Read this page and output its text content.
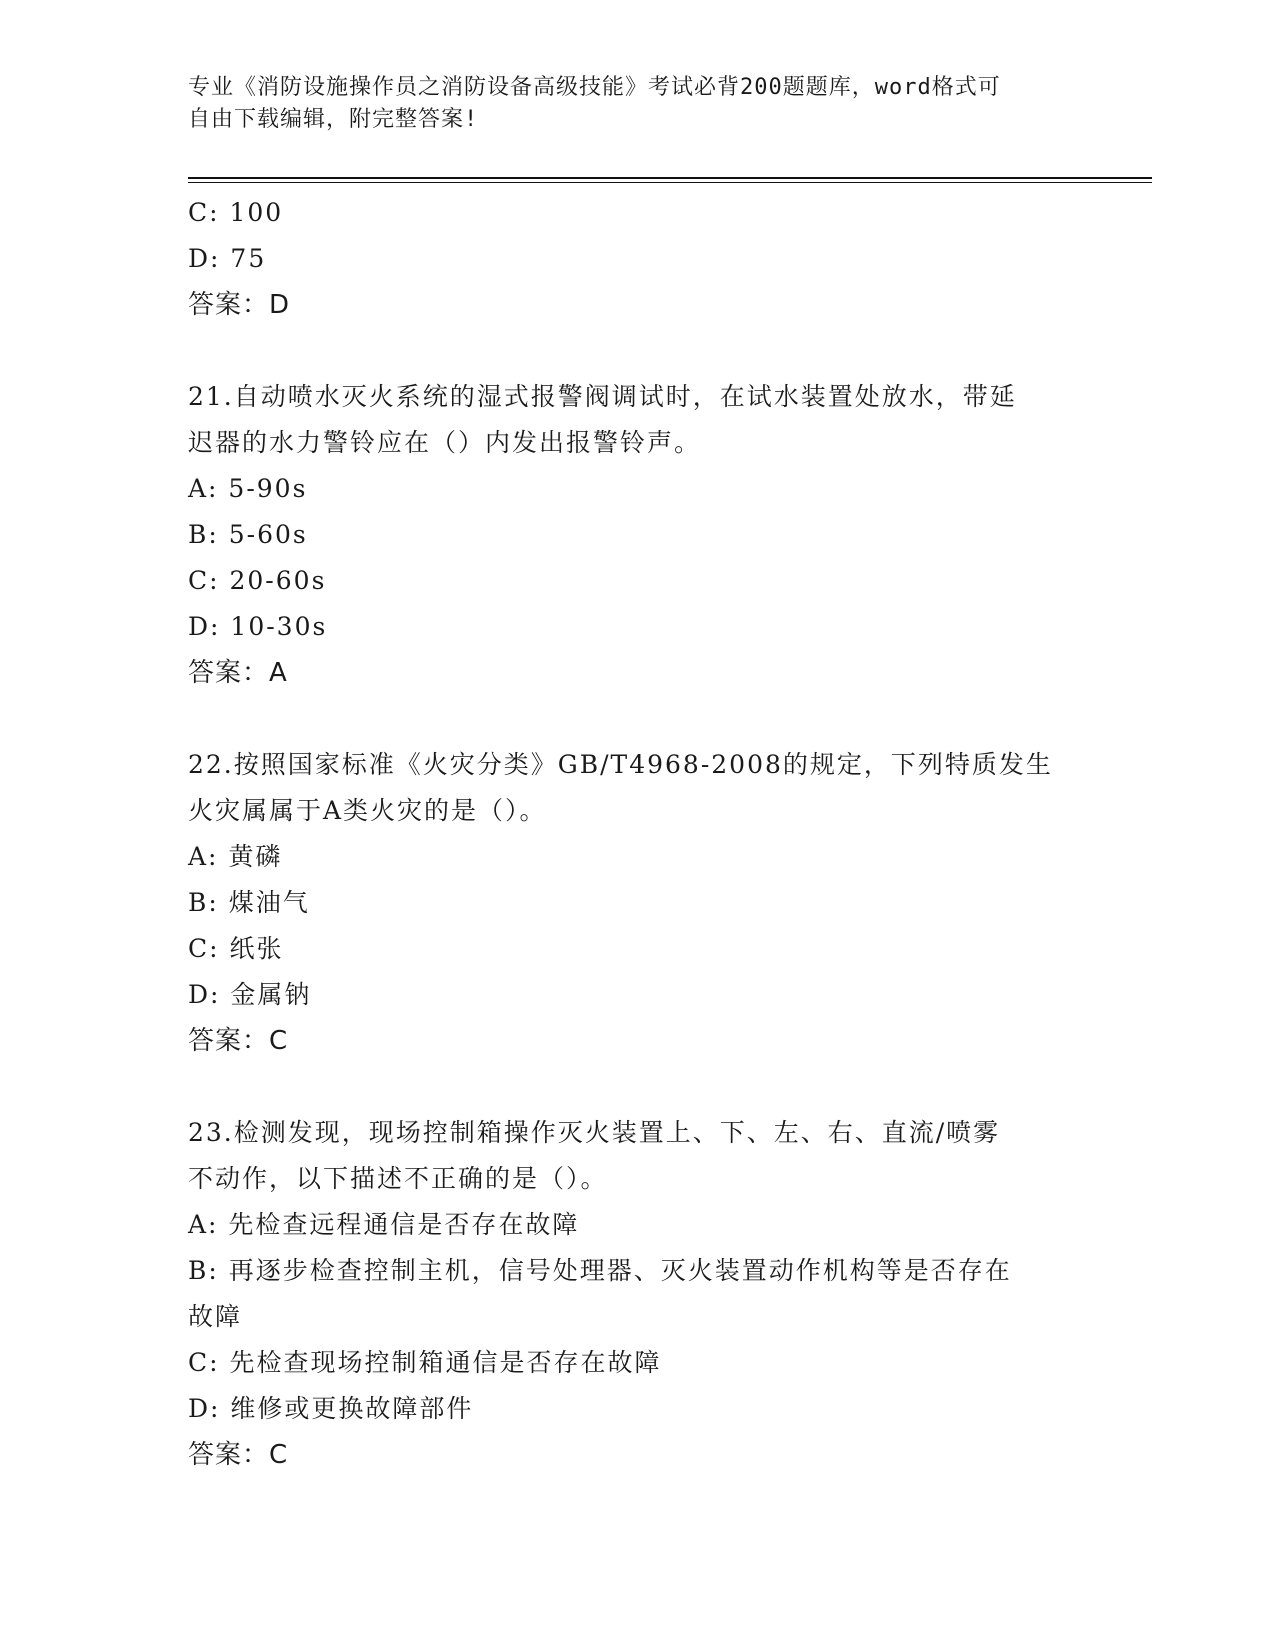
专业《消防设施操作员之消防设备高级技能》考试必背200题题库，word格式可
自由下载编辑，附完整答案!
C: 100
D: 75
答案：D
21.自动喷水灭火系统的湿式报警阀调试时，在试水装置处放水，带延
迟器的水力警铃应在（）内发出报警铃声。
A: 5-90s
B: 5-60s
C: 20-60s
D: 10-30s
答案：A
22.按照国家标准《火灾分类》GB/T4968-2008的规定，下列特质发生
火灾属属于A类火灾的是（）。
A: 黄磷
B: 煤油气
C: 纸张
D: 金属钠
答案：C
23.检测发现，现场控制箱操作灭火装置上、下、左、右、直流/喷雾
不动作，以下描述不正确的是（）。
A: 先检查远程通信是否存在故障
B: 再逐步检查控制主机，信号处理器、灭火装置动作机构等是否存在
故障
C: 先检查现场控制箱通信是否存在故障
D: 维修或更换故障部件
答案：C
